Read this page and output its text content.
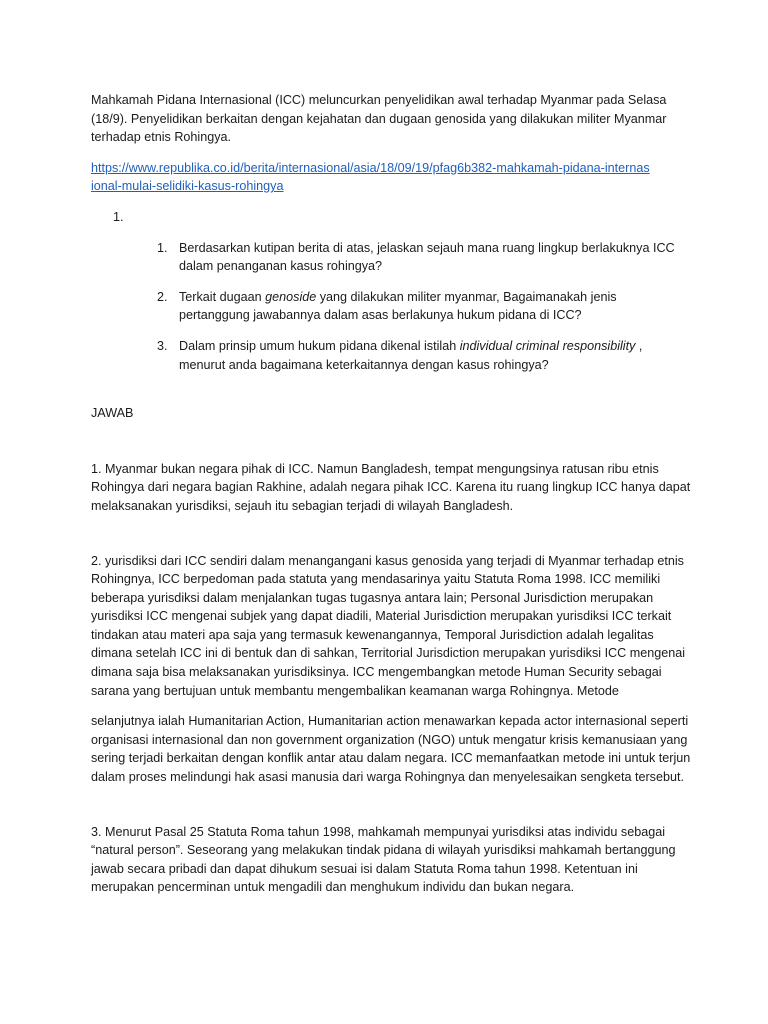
Mahkamah Pidana Internasional (ICC) meluncurkan penyelidikan awal terhadap Myanmar pada Selasa (18/9). Penyelidikan berkaitan dengan kejahatan dan dugaan genosida yang dilakukan militer Myanmar terhadap etnis Rohingya.

https://www.republika.co.id/berita/internasional/asia/18/09/19/pfag6b382-mahkamah-pidana-internasional-mulai-selidiki-kasus-rohingya

1.

1. Berdasarkan kutipan berita di atas, jelaskan sejauh mana ruang lingkup berlakuknya ICC dalam penanganan kasus rohingya?
2. Terkait dugaan genoside yang dilakukan militer myanmar, Bagaimanakah jenis pertanggung jawabannya dalam asas berlakunya hukum pidana di ICC?
3. Dalam prinsip umum hukum pidana dikenal istilah individual criminal responsibility , menurut anda bagaimana keterkaitannya dengan kasus rohingya?

JAWAB

1. Myanmar bukan negara pihak di ICC. Namun Bangladesh, tempat mengungsinya ratusan ribu etnis Rohingya dari negara bagian Rakhine, adalah negara pihak ICC. Karena itu ruang lingkup ICC hanya dapat melaksanakan yurisdiksi, sejauh itu sebagian terjadi di wilayah Bangladesh.

2. yurisdiksi dari ICC sendiri dalam menangangani kasus genosida yang terjadi di Myanmar terhadap etnis Rohingnya, ICC berpedoman pada statuta yang mendasarinya yaitu Statuta Roma 1998. ICC memiliki beberapa yurisdiksi dalam menjalankan tugas tugasnya antara lain; Personal Jurisdiction merupakan yurisdiksi ICC mengenai subjek yang dapat diadili, Material Jurisdiction merupakan yurisdiksi ICC terkait tindakan atau materi apa saja yang termasuk kewenangannya, Temporal Jurisdiction adalah legalitas dimana setelah ICC ini di bentuk dan di sahkan, Territorial Jurisdiction merupakan yurisdiksi ICC mengenai dimana saja bisa melaksanakan yurisdiksinya. ICC mengembangkan metode Human Security sebagai sarana yang bertujuan untuk membantu mengembalikan keamanan warga Rohingnya. Metode

selanjutnya ialah Humanitarian Action, Humanitarian action menawarkan kepada actor internasional seperti organisasi internasional dan non government organization (NGO) untuk mengatur krisis kemanusiaan yang sering terjadi berkaitan dengan konflik antar atau dalam negara. ICC memanfaatkan metode ini untuk terjun dalam proses melindungi hak asasi manusia dari warga Rohingnya dan menyelesaikan sengketa tersebut.

3. Menurut Pasal 25 Statuta Roma tahun 1998, mahkamah mempunyai yurisdiksi atas individu sebagai “natural person”. Seseorang yang melakukan tindak pidana di wilayah yurisdiksi mahkamah bertanggung jawab secara pribadi dan dapat dihukum sesuai isi dalam Statuta Roma tahun 1998. Ketentuan ini merupakan pencerminan untuk mengadili dan menghukum individu dan bukan negara.
